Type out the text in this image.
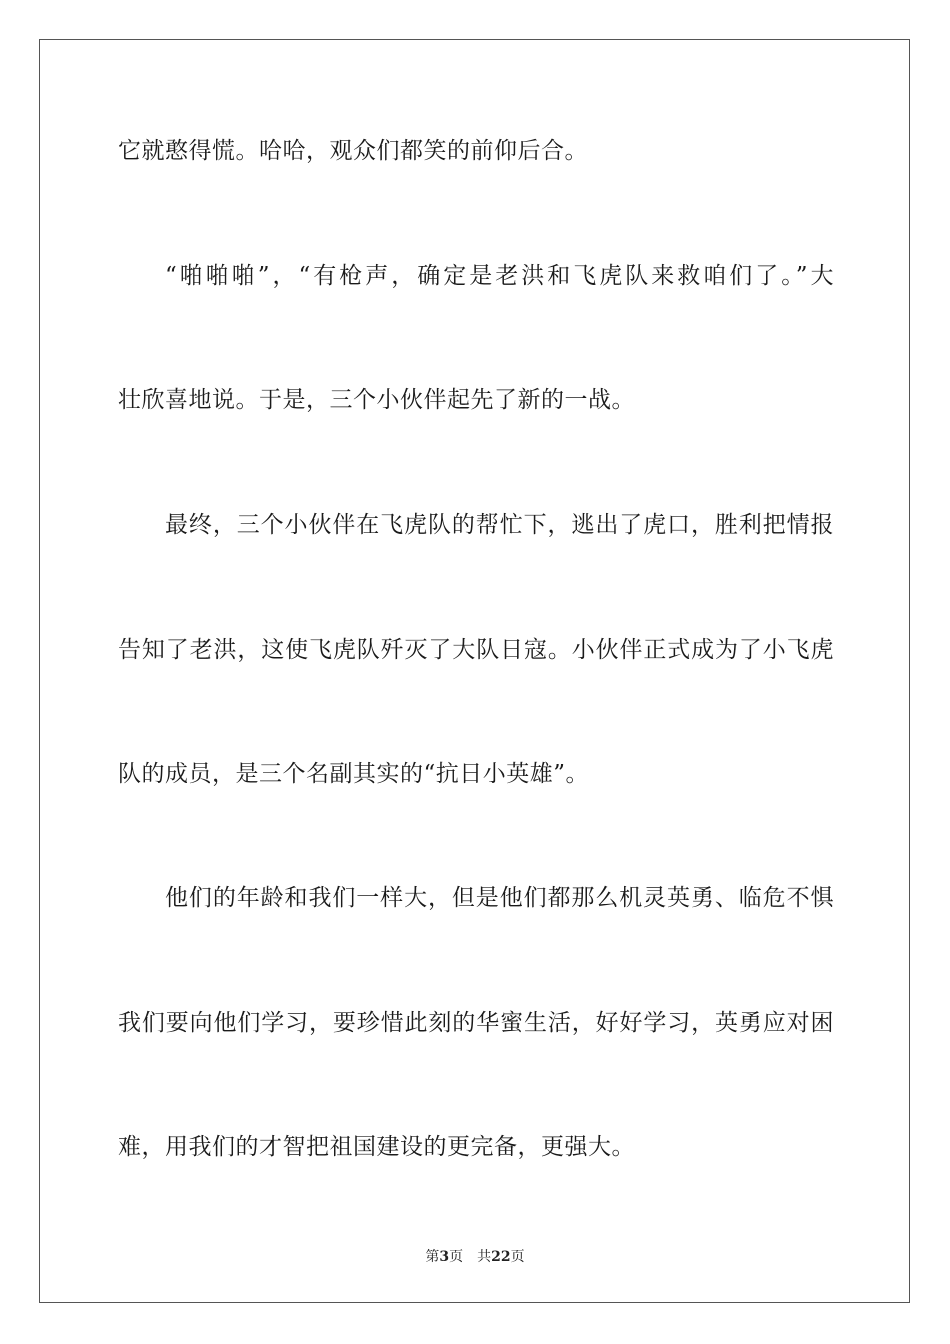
它就憨得慌。哈哈，观众们都笑的前仰后合。
“啪啪啪”，“有枪声，确定是老洪和飞虎队来救咱们了。”大
壮欣喜地说。于是，三个小伙伴起先了新的一战。
最终，三个小伙伴在飞虎队的帮忙下，逃出了虎口，胜利把情报
告知了老洪，这使飞虎队歼灭了大队日寇。小伙伴正式成为了小飞虎
队的成员，是三个名副其实的“抗日小英雄”。
他们的年龄和我们一样大，但是他们都那么机灵英勇、临危不惧
我们要向他们学习，要珍惜此刻的华蜜生活，好好学习，英勇应对困
难，用我们的才智把祖国建设的更完备，更强大。
第3页 共22页
